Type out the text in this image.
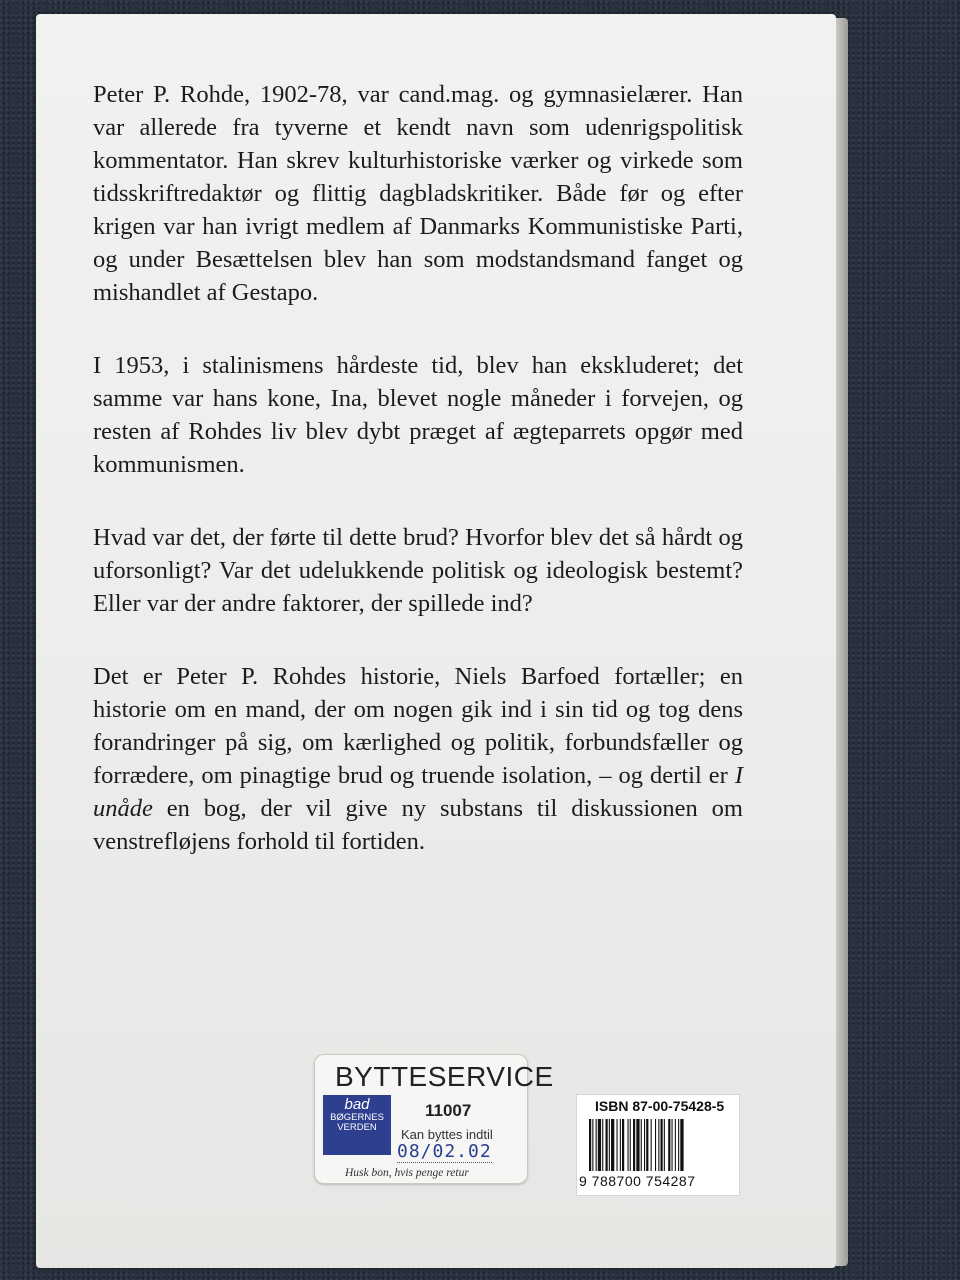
Peter P. Rohde, 1902-78, var cand.mag. og gymnasielærer. Han var allerede fra tyverne et kendt navn som udenrigspolitisk kommentator. Han skrev kulturhistoriske værker og virkede som tidsskriftredaktør og flittig dagbladskritiker. Både før og efter krigen var han ivrigt medlem af Danmarks Kommunistiske Parti, og under Besættelsen blev han som modstandsmand fanget og mishandlet af Gestapo.

I 1953, i stalinismens hårdeste tid, blev han ekskluderet; det samme var hans kone, Ina, blevet nogle måneder i forvejen, og resten af Rohdes liv blev dybt præget af ægteparrets opgør med kommunismen.

Hvad var det, der førte til dette brud? Hvorfor blev det så hårdt og uforsonligt? Var det udelukkende politisk og ideologisk bestemt? Eller var der andre faktorer, der spillede ind?

Det er Peter P. Rohdes historie, Niels Barfoed fortæller; en historie om en mand, der om nogen gik ind i sin tid og tog dens forandringer på sig, om kærlighed og politik, forbundsfæller og forrædere, om pinagtige brud og truende isolation, – og dertil er I unåde en bog, der vil give ny substans til diskussionen om venstrefløjens forhold til fortiden.

BYTTESERVICE
bad
BØGERNES
VERDEN
11007
Kan byttes indtil
08/02.02
Husk bon, hvis penge retur
ISBN 87-00-75428-5
9 788700 754287
